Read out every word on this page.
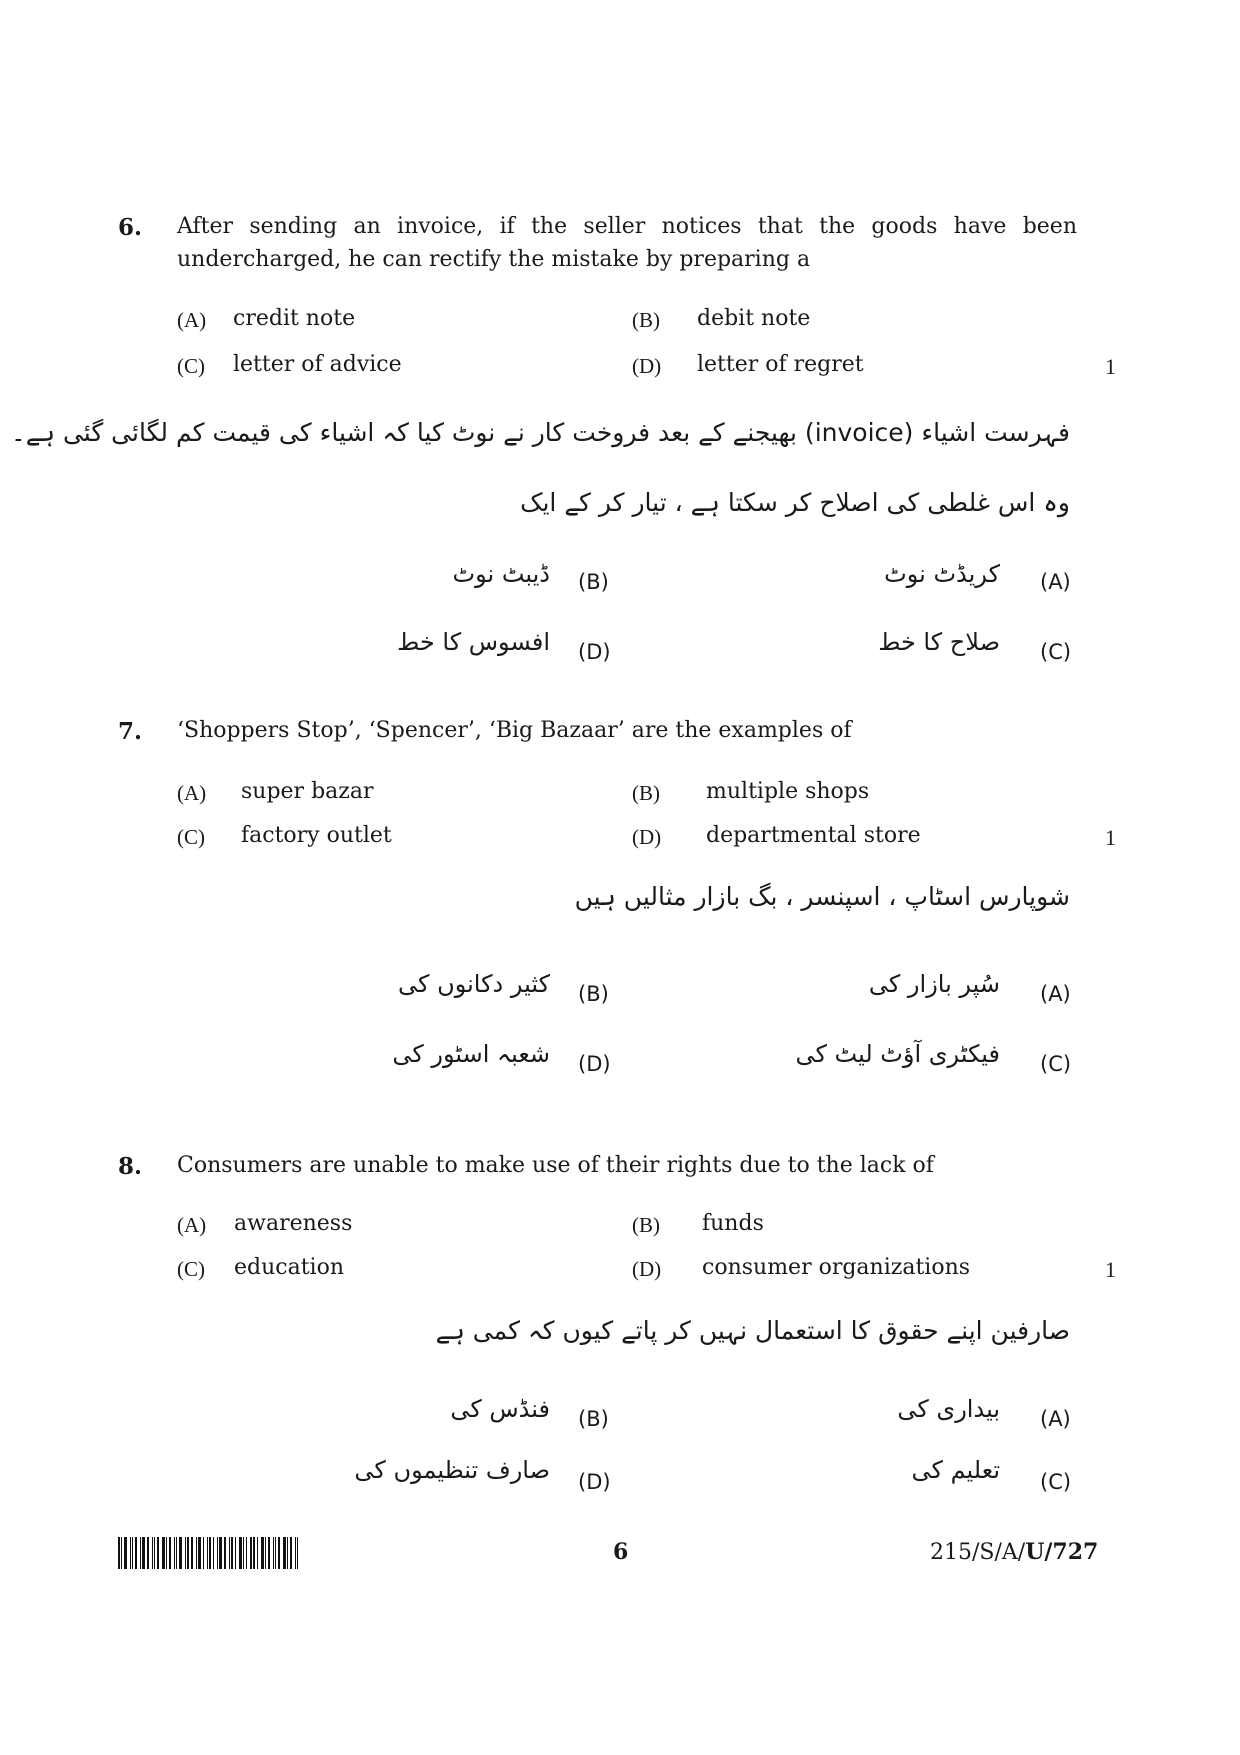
6. After sending an invoice, if the seller notices that the goods have been undercharged, he can rectify the mistake by preparing a
(A) credit note	(B) debit note
(C) letter of advice	(D) letter of regret	1
فہرست اشیاء (invoice) بھیجنے کے بعد فروخت کار نے نوٹ کیا کہ اشیاء کی قیمت کم لگائی گئی ہے۔
وہ اس غلطی کی اصلاح کر سکتا ہے ، تیار کر کے ایک
(A)
کریڈٹ نوٹ
(B)
ڈیبٹ نوٹ
(C)
صلاح کا خط
(D)
افسوس کا خط
7. ‘Shoppers Stop’, ‘Spencer’, ‘Big Bazaar’ are the examples of
(A) super bazar	(B) multiple shops
(C) factory outlet	(D) departmental store	1
شوپارس اسٹاپ ، اسپنسر ، بگ بازار مثالیں ہیں
(A)
سُپر بازار کی
(B)
کثیر دکانوں کی
(C)
فیکٹری آؤٹ لیٹ کی
(D)
شعبہ اسٹور کی
8. Consumers are unable to make use of their rights due to the lack of
(A) awareness	(B) funds
(C) education	(D) consumer organizations	1
صارفین اپنے حقوق کا استعمال نہیں کر پاتے کیوں کہ کمی ہے
(A)
بیداری کی
(B)
فنڈس کی
(C)
تعلیم کی
(D)
صارف تنظیموں کی
6	215/S/A/U/727
